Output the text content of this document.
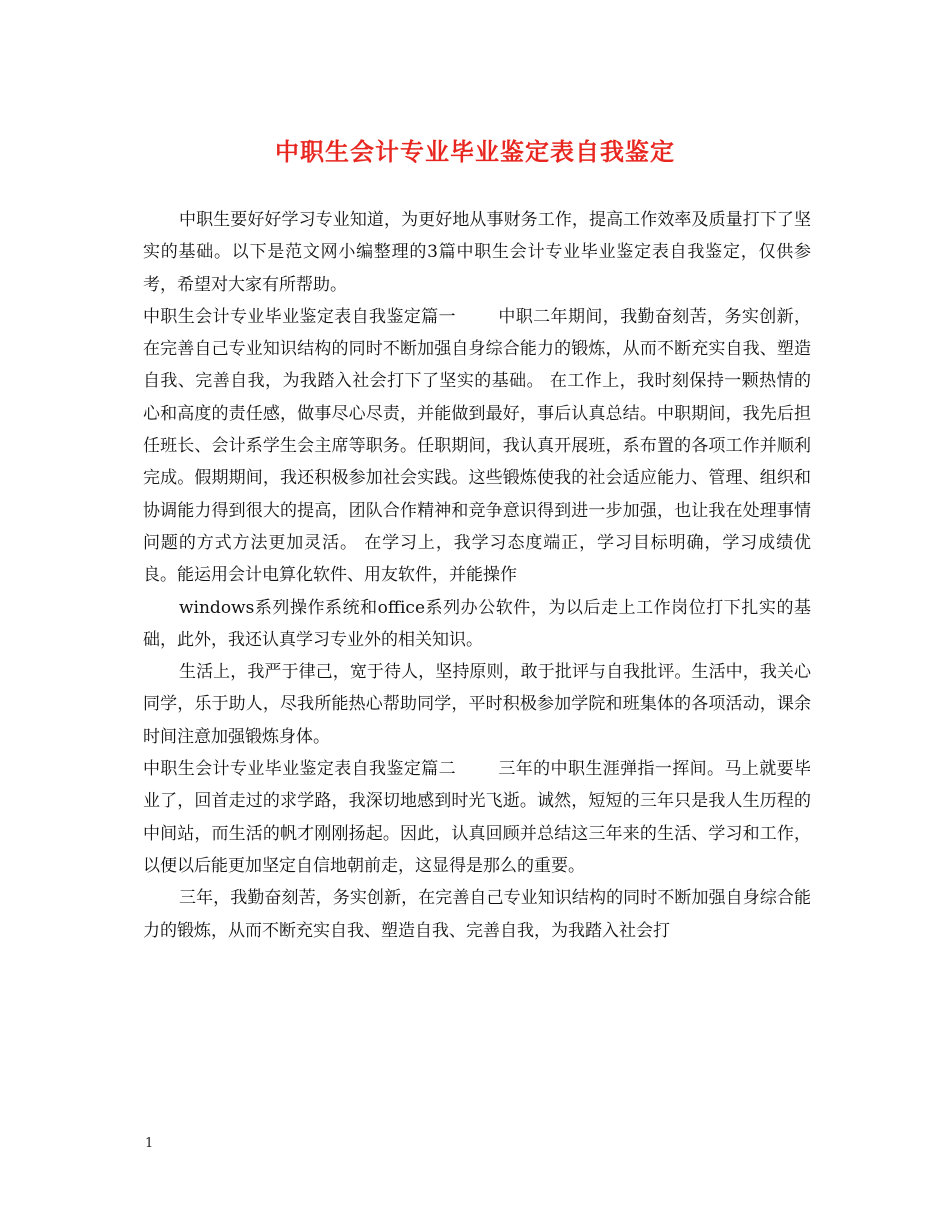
中职生会计专业毕业鉴定表自我鉴定

中职生要好好学习专业知道，为更好地从事财务工作，提高工作效率及质量打下了坚实的基础。以下是范文网小编整理的3篇中职生会计专业毕业鉴定表自我鉴定，仅供参考，希望对大家有所帮助。

中职生会计专业毕业鉴定表自我鉴定篇一 中职二年期间，我勤奋刻苦，务实创新，在完善自己专业知识结构的同时不断加强自身综合能力的锻炼，从而不断充实自我、塑造自我、完善自我，为我踏入社会打下了坚实的基础。 在工作上，我时刻保持一颗热情的心和高度的责任感，做事尽心尽责，并能做到最好，事后认真总结。中职期间，我先后担任班长、会计系学生会主席等职务。任职期间，我认真开展班，系布置的各项工作并顺利完成。假期期间，我还积极参加社会实践。这些锻炼使我的社会适应能力、管理、组织和协调能力得到很大的提高，团队合作精神和竞争意识得到进一步加强，也让我在处理事情问题的方式方法更加灵活。 在学习上，我学习态度端正，学习目标明确，学习成绩优良。能运用会计电算化软件、用友软件，并能操作

windows系列操作系统和office系列办公软件，为以后走上工作岗位打下扎实的基础，此外，我还认真学习专业外的相关知识。

生活上，我严于律己，宽于待人，坚持原则，敢于批评与自我批评。生活中，我关心同学，乐于助人，尽我所能热心帮助同学，平时积极参加学院和班集体的各项活动，课余时间注意加强锻炼身体。

中职生会计专业毕业鉴定表自我鉴定篇二 三年的中职生涯弹指一挥间。马上就要毕业了，回首走过的求学路，我深切地感到时光飞逝。诚然，短短的三年只是我人生历程的中间站，而生活的帆才刚刚扬起。因此，认真回顾并总结这三年来的生活、学习和工作，以便以后能更加坚定自信地朝前走，这显得是那么的重要。

三年，我勤奋刻苦，务实创新，在完善自己专业知识结构的同时不断加强自身综合能力的锻炼，从而不断充实自我、塑造自我、完善自我，为我踏入社会打

1
